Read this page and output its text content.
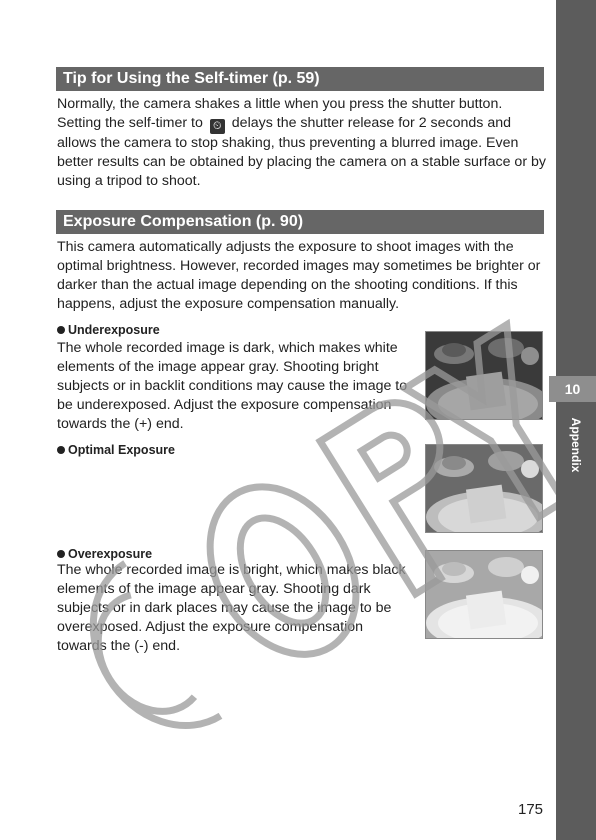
10
Appendix
Tip for Using the Self-timer (p. 59)

Normally, the camera shakes a little when you press the shutter button. Setting the self-timer to ⏲ delays the shutter release for 2 seconds and allows the camera to stop shaking, thus preventing a blurred image. Even better results can be obtained by placing the camera on a stable surface or by using a tripod to shoot.

Exposure Compensation (p. 90)

This camera automatically adjusts the exposure to shoot images with the optimal brightness. However, recorded images may sometimes be brighter or darker than the actual image depending on the shooting conditions. If this happens, adjust the exposure compensation manually.

Underexposure

The whole recorded image is dark, which makes white elements of the image appear gray. Shooting bright subjects or in backlit conditions may cause the image to be underexposed. Adjust the exposure compensation towards the (+) end.

Optimal Exposure
Overexposure

The whole recorded image is bright, which makes black elements of the image appear gray. Shooting dark subjects or in dark places may cause the image to be overexposed. Adjust the exposure compensation towards the (-) end.

175
